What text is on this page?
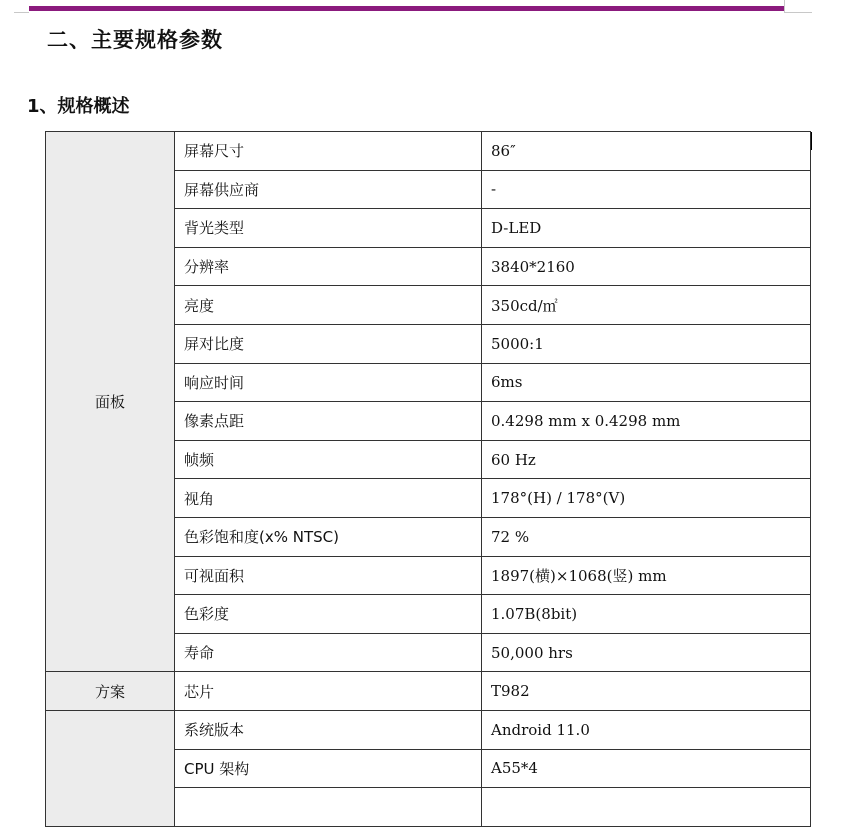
二、主要规格参数
1、规格概述
面板	屏幕尺寸	86″
	屏幕供应商	-
	背光类型	D-LED
	分辨率	3840*2160
	亮度	350cd/㎡
	屏对比度	5000:1
	响应时间	6ms
	像素点距	0.4298 mm x 0.4298 mm
	帧频	60 Hz
	视角	178°(H) / 178°(V)
	色彩饱和度(x% NTSC)	72 %
	可视面积	1897(横)×1068(竖) mm
	色彩度	1.07B(8bit)
	寿命	50,000 hrs
方案	芯片	T982
	系统版本	Android 11.0
	CPU 架构	A55*4
